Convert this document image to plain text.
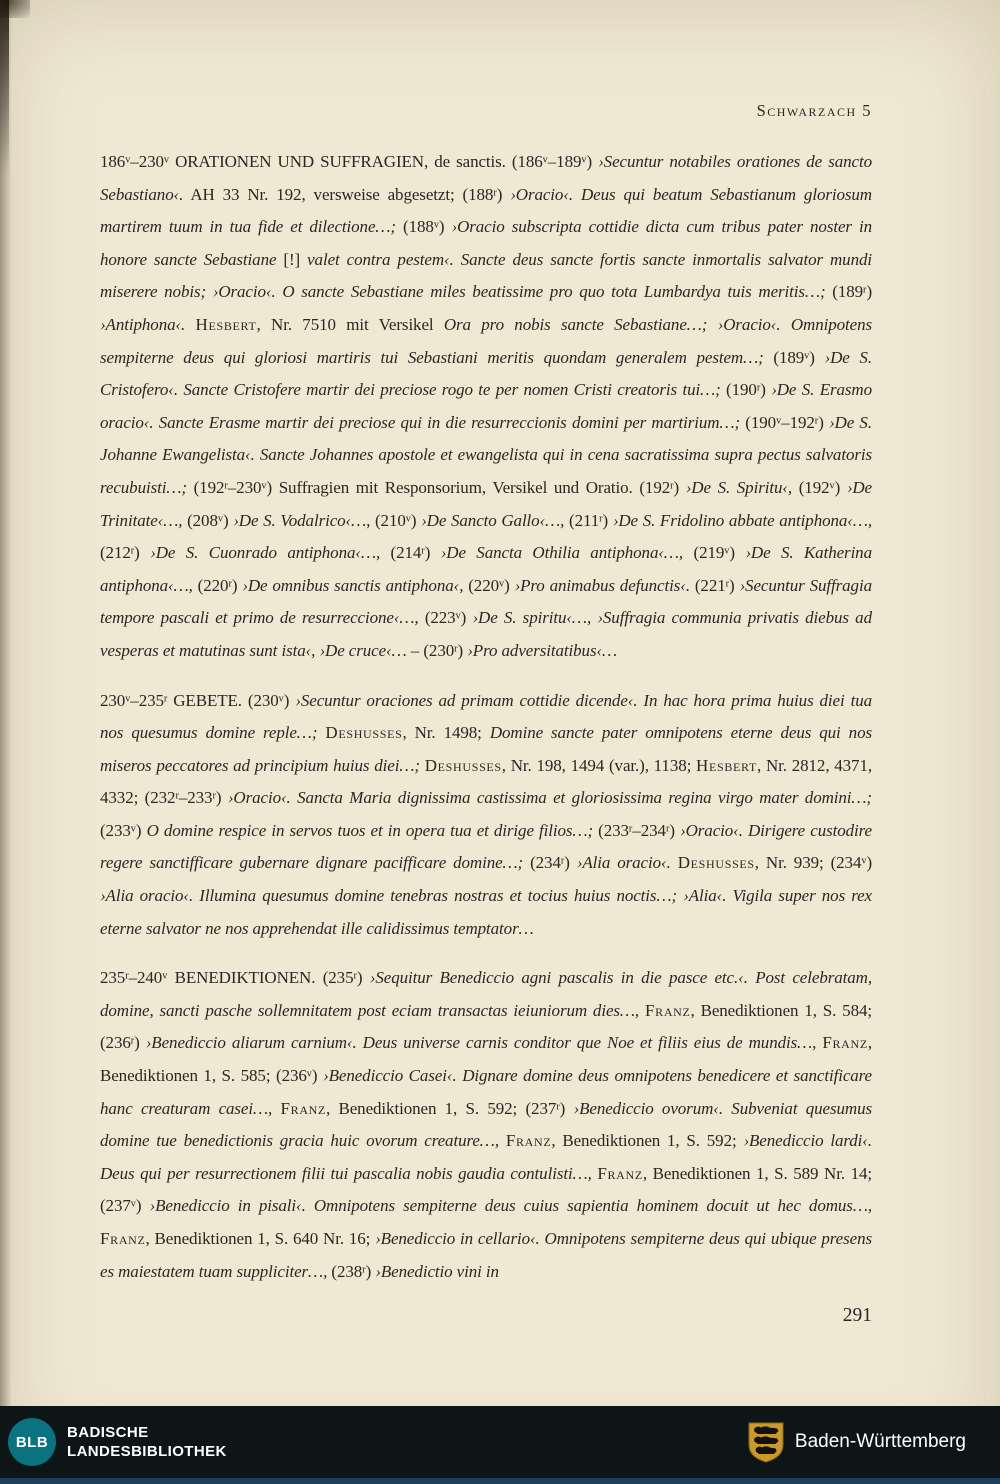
Schwarzach 5

186$^v$–230$^v$ ORATIONEN UND SUFFRAGIEN, de sanctis. (186$^v$–189$^v$) ›Secuntur notabiles orationes de sancto Sebastiano‹. AH 33 Nr. 192, versweise abgesetzt; (188$^r$) ›Oracio‹. Deus qui beatum Sebastianum gloriosum martirem tuum in tua fide et dilectione…; (188$^v$) ›Oracio subscripta cottidie dicta cum tribus pater noster in honore sancte Sebastiane [!] valet contra pestem‹. Sancte deus sancte fortis sancte inmortalis salvator mundi miserere nobis; ›Oracio‹. O sancte Sebastiane miles beatissime pro quo tota Lumbardya tuis meritis…; (189$^r$) ›Antiphona‹. Hesbert, Nr. 7510 mit Versikel Ora pro nobis sancte Sebastiane…; ›Oracio‹. Omnipotens sempiterne deus qui gloriosi martiris tui Sebastiani meritis quondam generalem pestem…; (189$^v$) ›De S. Cristofero‹. Sancte Cristofere martir dei preciose rogo te per nomen Cristi creatoris tui…; (190$^r$) ›De S. Erasmo oracio‹. Sancte Erasme martir dei preciose qui in die resurreccionis domini per martirium…; (190$^v$–192$^r$) ›De S. Johanne Ewangelista‹. Sancte Johannes apostole et ewangelista qui in cena sacratissima supra pectus salvatoris recubuisti…; (192$^r$–230$^v$) Suffragien mit Responsorium, Versikel und Oratio. (192$^r$) ›De S. Spiritu‹, (192$^v$) ›De Trinitate‹…, (208$^v$) ›De S. Vodalrico‹…, (210$^v$) ›De Sancto Gallo‹…, (211$^r$) ›De S. Fridolino abbate antiphona‹…, (212$^r$) ›De S. Cuonrado antiphona‹…, (214$^r$) ›De Sancta Othilia antiphona‹…, (219$^v$) ›De S. Katherina antiphona‹…, (220$^r$) ›De omnibus sanctis antiphona‹, (220$^v$) ›Pro animabus defunctis‹. (221$^r$) ›Secuntur Suffragia tempore pascali et primo de resurreccione‹…, (223$^v$) ›De S. spiritu‹…, ›Suffragia communia privatis diebus ad vesperas et matutinas sunt ista‹, ›De cruce‹… – (230$^r$) ›Pro adversitatibus‹…

230$^v$–235$^r$ GEBETE. (230$^v$) ›Secuntur oraciones ad primam cottidie dicende‹. In hac hora prima huius diei tua nos quesumus domine reple…; Deshusses, Nr. 1498; Domine sancte pater omnipotens eterne deus qui nos miseros peccatores ad principium huius diei…; Deshusses, Nr. 198, 1494 (var.), 1138; Hesbert, Nr. 2812, 4371, 4332; (232$^r$–233$^r$) ›Oracio‹. Sancta Maria dignissima castissima et gloriosissima regina virgo mater domini…; (233$^v$) O domine respice in servos tuos et in opera tua et dirige filios…; (233$^r$–234$^r$) ›Oracio‹. Dirigere custodire regere sanctifficare gubernare dignare pacifficare domine…; (234$^r$) ›Alia oracio‹. Deshusses, Nr. 939; (234$^v$) ›Alia oracio‹. Illumina quesumus domine tenebras nostras et tocius huius noctis…; ›Alia‹. Vigila super nos rex eterne salvator ne nos apprehendat ille calidissimus temptator…

235$^r$–240$^v$ BENEDIKTIONEN. (235$^r$) ›Sequitur Benediccio agni pascalis in die pasce etc.‹. Post celebratam, domine, sancti pasche sollemnitatem post eciam transactas ieiuniorum dies…, Franz, Benediktionen 1, S. 584; (236$^r$) ›Benediccio aliarum carnium‹. Deus universe carnis conditor que Noe et filiis eius de mundis…, Franz, Benediktionen 1, S. 585; (236$^v$) ›Benediccio Casei‹. Dignare domine deus omnipotens benedicere et sanctificare hanc creaturam casei…, Franz, Benediktionen 1, S. 592; (237$^r$) ›Benediccio ovorum‹. Subveniat quesumus domine tue benedictionis gracia huic ovorum creature…, Franz, Benediktionen 1, S. 592; ›Benediccio lardi‹. Deus qui per resurrectionem filii tui pascalia nobis gaudia contulisti…, Franz, Benediktionen 1, S. 589 Nr. 14; (237$^v$) ›Benediccio in pisali‹. Omnipotens sempiterne deus cuius sapientia hominem docuit ut hec domus…, Franz, Benediktionen 1, S. 640 Nr. 16; ›Benediccio in cellario‹. Omnipotens sempiterne deus qui ubique presens es maiestatem tuam suppliciter…, (238$^r$) ›Benedictio vini in

291
BLB
BADISCHE
LANDESBIBLIOTHEK	Baden-Württemberg
